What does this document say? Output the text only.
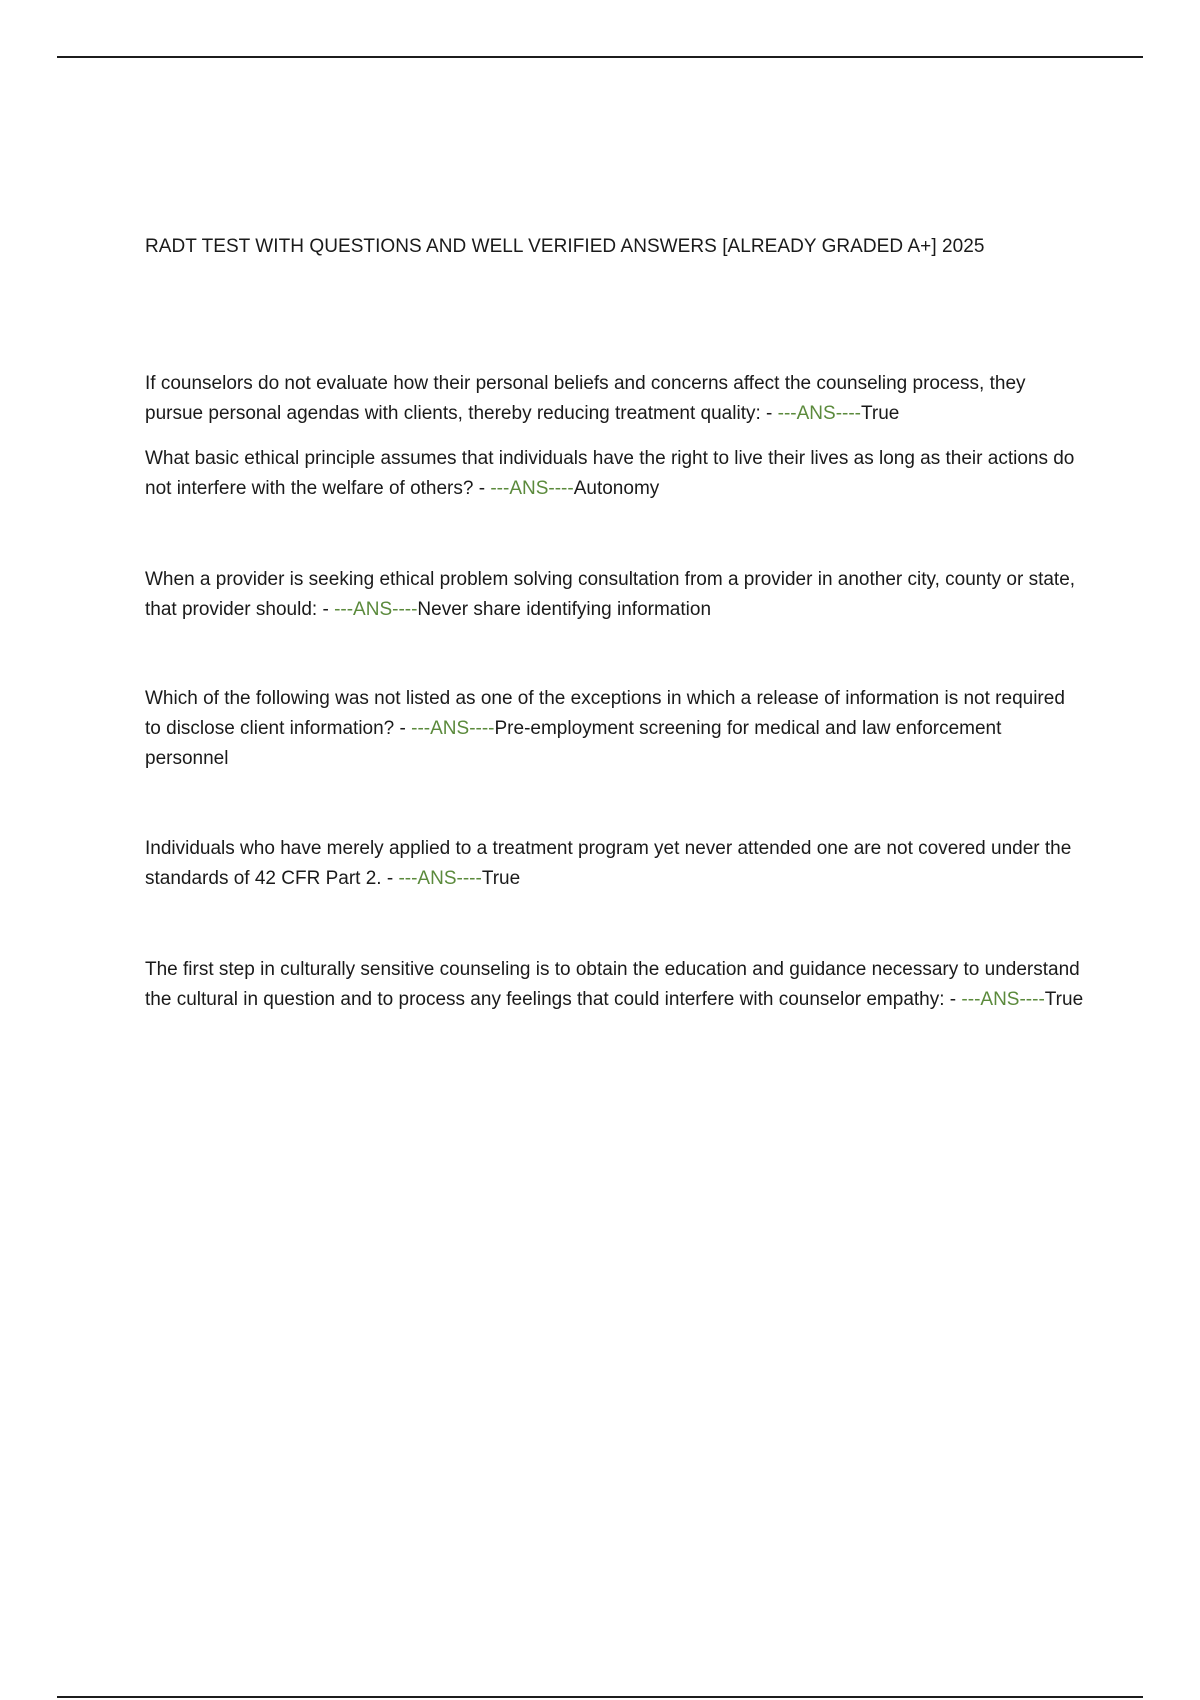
RADT TEST WITH QUESTIONS AND WELL VERIFIED ANSWERS [ALREADY GRADED A+] 2025

If counselors do not evaluate how their personal beliefs and concerns affect the counseling process, they pursue personal agendas with clients, thereby reducing treatment quality: - ---ANS----True

What basic ethical principle assumes that individuals have the right to live their lives as long as their actions do not interfere with the welfare of others? - ---ANS----Autonomy

When a provider is seeking ethical problem solving consultation from a provider in another city, county or state, that provider should: - ---ANS----Never share identifying information

Which of the following was not listed as one of the exceptions in which a release of information is not required to disclose client information? - ---ANS----Pre-employment screening for medical and law enforcement personnel

Individuals who have merely applied to a treatment program yet never attended one are not covered under the standards of 42 CFR Part 2. - ---ANS----True

The first step in culturally sensitive counseling is to obtain the education and guidance necessary to understand the cultural in question and to process any feelings that could interfere with counselor empathy: - ---ANS----True
